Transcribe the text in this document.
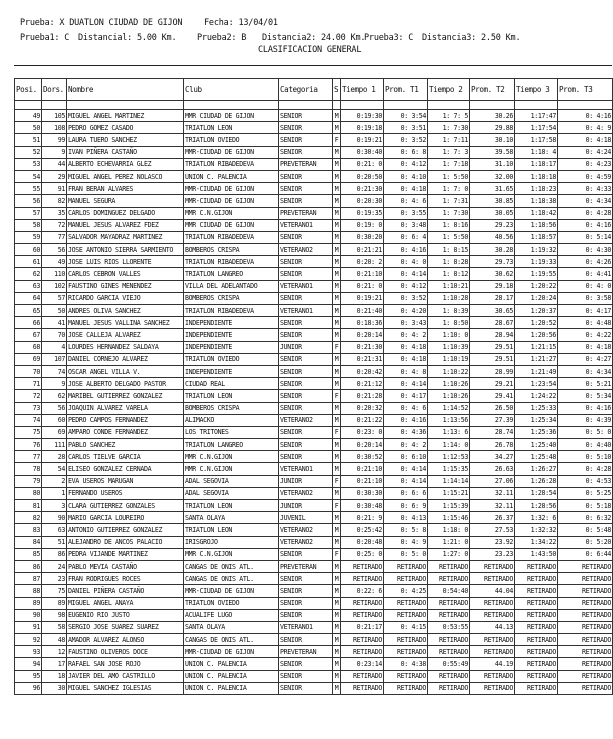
Prueba: X DUATLON CIUDAD DE GIJON	Fecha: 13/04/01
Prueba1: C Distancial: 5.00 Km. Prueba2: B Distancia2: 24.00 Km.
Prueba3: C Distancia3: 2.50 Km.
CLASIFICACION GENERAL
Posi.	Dors.	Nombre	Club	Categoria	S	Tiempo 1	Prom. T1	Tiempo 2	Prom. T2	Tiempo 3	Prom. T3

49	105	MIGUEL ANGEL MARTINEZ	MMR CIUDAD DE GIJON	SENIOR	M	0:19:30	0: 3:54	1: 7: 5	30.26	1:17:47	0: 4:16
50	108	PEDRO GOMEZ CASADO	TRIATLON LEON	SENIOR	M	0:19:18	0: 3:51	1: 7:30	29.88	1:17:54	0: 4: 9
51	99	LAURA TUERO SANCHEZ	TRIATLON OVIEDO	SENIOR	F	0:19:21	0: 3:52	1: 7:11	30.10	1:17:58	0: 4:18
52	9	IVAN PIÑERA CASTAÑO	MMR-CIUDAD DE GIJON	SENIOR	M	0:30:40	0: 6: 8	1: 7: 3	39.58	1:18: 4	0: 4:24
53	44	ALBERTO ECHEVARRIA GLEZ	TRIATLON RIBADEDEVA	PREVETERAN	M	0:21: 0	0: 4:12	1: 7:18	31.10	1:18:17	0: 4:23
54	29	MIGUEL ANGEL PEREZ NOLASCO	UNION C. PALENCIA	SENIOR	M	0:20:50	0: 4:10	1: 5:50	32.00	1:18:18	0: 4:59
55	91	FRAN BERAN ALVARES	MMR-CIUDAD DE GIJON	SENIOR	M	0:21:30	0: 4:18	1: 7: 0	31.65	1:18:23	0: 4:33
56	82	MANUEL SEGURA	MMR-CIUDAD DE GIJON	SENIOR	M	0:20:30	0: 4: 6	1: 7:31	30.85	1:18:38	0: 4:34
57	35	CARLOS DOMINGUEZ DELGADO	MMR C.N.GIJON	PREVETERAN	M	0:19:35	0: 3:55	1: 7:30	30.05	1:18:42	0: 4:28
58	72	MANUEL JESUS ALVAREZ FDEZ	MMR CIUDAD DE GIJON	VETERANO1	M	0:19: 0	0: 3:48	1: 8:16	29.23	1:18:56	0: 4:16
59	77	SALVADOR MAYADRAZ MARTINEZ	TRIATLON RIBADEDEVA	SENIOR	M	0:30:20	0: 6: 4	1: 5:50	40.56	1:18:57	0: 5:14
60	56	JOSE ANTONIO SIERRA SARMIENTO	BOMBEROS CRISPA	VETERANO2	M	0:21:21	0: 4:16	1: 8:15	30.28	1:19:32	0: 4:30
61	49	JOSE LUIS RIOS LLORENTE	TRIATLON RIBADEDEVA	SENIOR	M	0:20: 2	0: 4: 0	1: 8:28	29.73	1:19:33	0: 4:26
62	110	CARLOS CEBRON VALLES	TRIATLON LANGREO	SENIOR	M	0:21:10	0: 4:14	1: 8:12	30.62	1:19:55	0: 4:41
63	102	FAUSTINO GINES MENENDEZ	VILLA DEL ADELANTADO	VETERANO1	M	0:21: 0	0: 4:12	1:10:21	29.18	1:20:22	0: 4: 0
64	57	RICARDO GARCIA VIEJO	BOMBEROS CRISPA	SENIOR	M	0:19:21	0: 3:52	1:10:28	28.17	1:20:24	0: 3:58
65	50	ANDRES OLIVA SANCHEZ	TRIATLON RIBADEDEVA	VETERANO1	M	0:21:40	0: 4:20	1: 8:39	30.65	1:20:37	0: 4:17
66	41	MANUEL JESUS VALLINA SANCHEZ	INDEPENDIENTE	SENIOR	M	0:18:36	0: 3:43	1: 8:50	28.67	1:20:52	0: 4:48
67	70	JOSE CALLEJA ALVAREZ	INDEPENDIENTE	SENIOR	M	0:20:14	0: 4: 2	1:10: 0	28.94	1:20:56	0: 4:22
68	4	LOURDES HERNANDEZ SALDAYA	INDEPENDIENTE	JUNIOR	F	0:21:30	0: 4:18	1:10:39	29.51	1:21:15	0: 4:18
69	107	DANIEL CORNEJO ALVAREZ	TRIATLON OVIEDO	SENIOR	M	0:21:31	0: 4:18	1:10:19	29.51	1:21:27	0: 4:27
70	74	OSCAR ANGEL VILLA V.	INDEPENDIENTE	SENIOR	M	0:20:42	0: 4: 8	1:10:22	28.99	1:21:49	0: 4:34
71	9	JOSE ALBERTO DELGADO PASTOR	CIUDAD REAL	SENIOR	M	0:21:12	0: 4:14	1:10:26	29.21	1:23:54	0: 5:21
72	62	MARIBEL GUTIERREZ GONZALEZ	TRIATLON LEON	SENIOR	F	0:21:28	0: 4:17	1:10:26	29.41	1:24:22	0: 5:34
73	56	JOAQUIN ALVAREZ VARELA	BOMBEROS CRISPA	SENIOR	M	0:20:32	0: 4: 6	1:14:52	26.50	1:25:33	0: 4:16
74	60	PEDRO CAMPOS FERNANDEZ	ALIMACKO	VETERANO2	M	0:21:22	0: 4:16	1:13:56	27.39	1:25:34	0: 4:39
75	69	AMPARO CONDE FERNANDEZ	LOS TRITONES	SENIOR	F	0:23: 0	0: 4:36	1:13: 6	28.74	1:25:36	0: 5: 0
76	111	PABLO SANCHEZ	TRIATLON LANGREO	SENIOR	M	0:20:14	0: 4: 2	1:14: 0	26.78	1:25:40	0: 4:40
77	28	CARLOS TIELVE GARCIA	MMR C.N.GIJON	SENIOR	M	0:30:52	0: 6:10	1:12:53	34.27	1:25:48	0: 5:10
78	54	ELISEO GONZALEZ CERNADA	MMR C.N.GIJON	VETERANO1	M	0:21:10	0: 4:14	1:15:35	26.63	1:26:27	0: 4:28
79	2	EVA USEROS MARUGAN	ADAL SEGOVIA	JUNIOR	F	0:21:10	0: 4:14	1:14:14	27.06	1:26:28	0: 4:53
80	1	FERNANDO USEROS	ADAL SEGOVIA	VETERANO2	M	0:30:30	0: 6: 6	1:15:21	32.11	1:28:54	0: 5:25
81	3	CLARA GUTIERREZ GONZALES	TRIATLON LEON	JUNIOR	F	0:30:48	0: 6: 9	1:15:39	32.11	1:28:56	0: 5:18
82	90	MARIO GARCIA LOUREIRO	SANTA OLAYA	JUVENIL	M	0:21: 9	0: 4:13	1:15:46	26.37	1:32: 6	0: 6:32
83	63	ANTONIO GUTIERREZ GONZALEZ	TRIATLON LEON	VETERANO2	M	0:25:42	0: 5: 8	1:18: 0	27.53	1:32:32	0: 5:48
84	51	ALEJANDRO DE ANCOS PALACIO	IRISGROJO	VETERANO2	M	0:20:48	0: 4: 9	1:21: 0	23.92	1:34:22	0: 5:20
85	86	PEDRA VIJANDE MARTINEZ	MMR C.N.GIJON	SENIOR	F	0:25: 0	0: 5: 0	1:27: 0	23.23	1:43:50	0: 6:44
86	24	PABLO MEVIA CASTAÑO	CANGAS DE ONIS ATL.	PREVETERAN	M	RETIRADO	RETIRADO	RETIRADO	RETIRADO	RETIRADO	RETIRADO
87	23	FRAN RODRIGUES ROCES	CANGAS DE ONIS ATL.	SENIOR	M	RETIRADO	RETIRADO	RETIRADO	RETIRADO	RETIRADO	RETIRADO
88	75	DANIEL PIÑERA CASTAÑO	MMR-CIUDAD DE GIJON	SENIOR	M	0:22: 6	0: 4:25	0:54:40	44.04	RETIRADO	RETIRADO
89	89	MIGUEL ANGEL ANAYA	TRIATLON OVIEDO	SENIOR	M	RETIRADO	RETIRADO	RETIRADO	RETIRADO	RETIRADO	RETIRADO
90	98	EUGENIO RIO JUSTO	ACUALIFE LUGO	SENIOR	M	RETIRADO	RETIRADO	RETIRADO	RETIRADO	RETIRADO	RETIRADO
91	58	SERGIO JOSE SUAREZ SUAREZ	SANTA OLAYA	VETERANO1	M	0:21:17	0: 4:15	0:53:55	44.13	RETIRADO	RETIRADO
92	48	AMADOR ALVAREZ ALONSO	CANGAS DE ONIS ATL.	SENIOR	M	RETIRADO	RETIRADO	RETIRADO	RETIRADO	RETIRADO	RETIRADO
93	12	FAUSTINO OLIVEROS DOCE	MMR-CIUDAD DE GIJON	PREVETERAN	M	RETIRADO	RETIRADO	RETIRADO	RETIRADO	RETIRADO	RETIRADO
94	17	RAFAEL SAN JOSE ROJO	UNION C. PALENCIA	SENIOR	M	0:23:14	0: 4:38	0:55:49	44.19	RETIRADO	RETIRADO
95	18	JAVIER DEL AMO CASTRILLO	UNION C. PALENCIA	SENIOR	M	RETIRADO	RETIRADO	RETIRADO	RETIRADO	RETIRADO	RETIRADO
96	30	MIGUEL SANCHEZ IGLESIAS	UNION C. PALENCIA	SENIOR	M	RETIRADO	RETIRADO	RETIRADO	RETIRADO	RETIRADO	RETIRADO
